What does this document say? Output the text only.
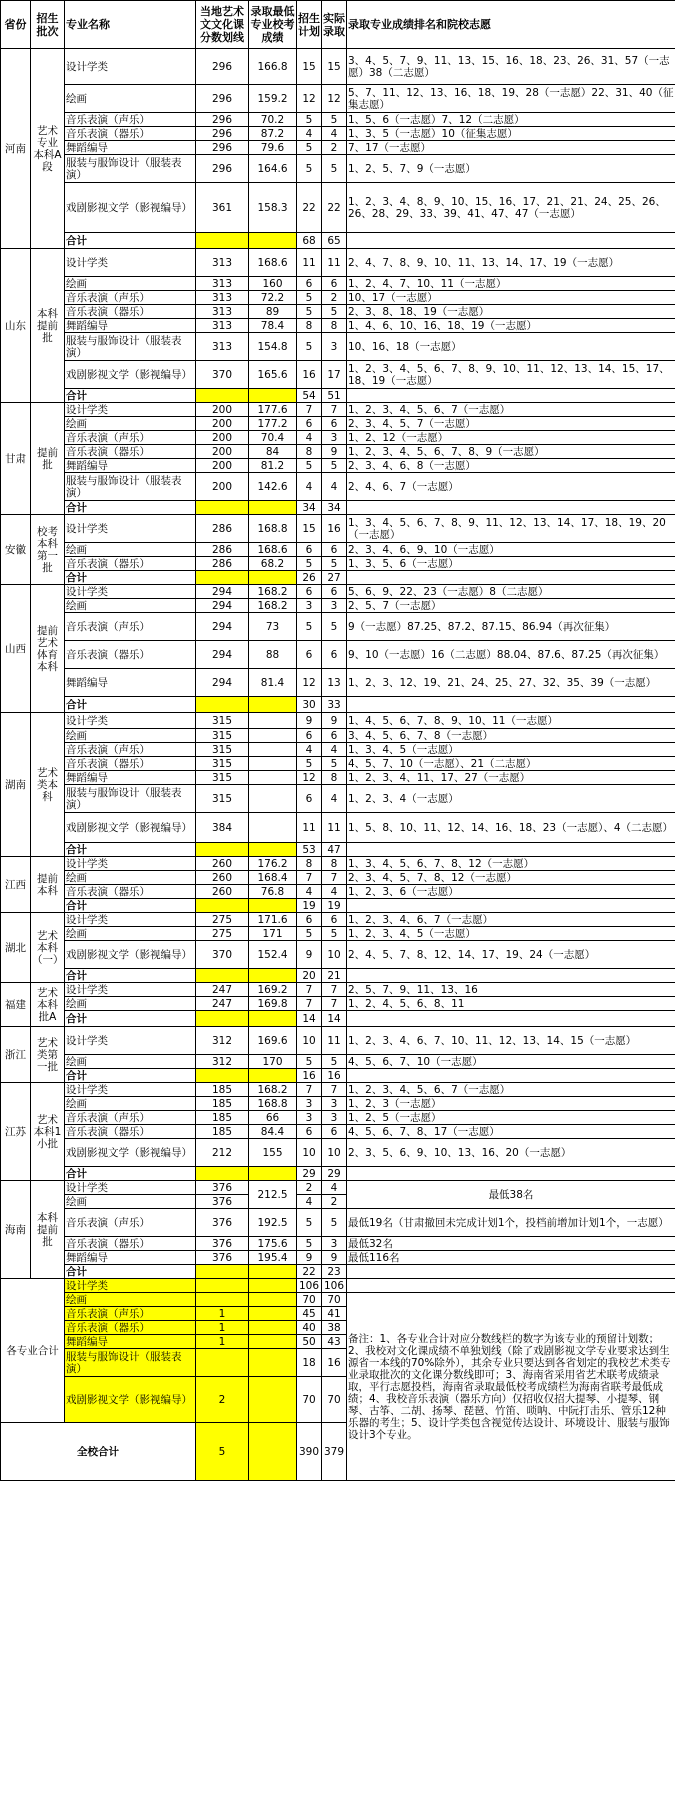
省份	招生批次	专业名称	当地艺术文文化课分数划线	录取最低专业校考成绩	招生计划	实际录取	录取专业成绩排名和院校志愿
河南	艺术专业本科A段	设计学类	296	166.8	15	15	3、4、5、7、9、11、13、15、16、18、23、26、31、57（一志愿）38（二志愿）
		绘画	296	159.2	12	12	5、7、11、12、13、16、18、19、28（一志愿）22、31、40（征集志愿）
		音乐表演（声乐）	296	70.2	5	5	1、5、6（一志愿）7、12（二志愿）
		音乐表演（器乐）	296	87.2	4	4	1、3、5（一志愿）10（征集志愿）
		舞蹈编导	296	79.6	5	2	7、17（一志愿）
		服装与服饰设计（服装表演）	296	164.6	5	5	1、2、5、7、9（一志愿）
		戏剧影视文学（影视编导）	361	158.3	22	22	1、2、3、4、8、9、10、15、16、17、21、21、24、25、26、26、28、29、33、39、41、47、47（一志愿）
		合计			68	65	
山东	本科提前批	设计学类	313	168.6	11	11	2、4、7、8、9、10、11、13、14、17、19（一志愿）
		绘画	313	160	6	6	1、2、4、7、10、11（一志愿）
		音乐表演（声乐）	313	72.2	5	2	10、17（一志愿）
		音乐表演（器乐）	313	89	5	5	2、3、8、18、19（一志愿）
		舞蹈编导	313	78.4	8	8	1、4、6、10、16、18、19（一志愿）
		服装与服饰设计（服装表演）	313	154.8	5	3	10、16、18（一志愿）
		戏剧影视文学（影视编导）	370	165.6	16	17	1、2、3、4、5、6、7、8、9、10、11、12、13、14、15、17、18、19（一志愿）
		合计			54	51	
甘肃	提前批	设计学类	200	177.6	7	7	1、2、3、4、5、6、7（一志愿）
		绘画	200	177.2	6	6	2、3、4、5、7（一志愿）
		音乐表演（声乐）	200	70.4	4	3	1、2、12（一志愿）
		音乐表演（器乐）	200	84	8	9	1、2、3、4、5、6、7、8、9（一志愿）
		舞蹈编导	200	81.2	5	5	2、3、4、6、8（一志愿）
		服装与服饰设计（服装表演）	200	142.6	4	4	2、4、6、7（一志愿）
		合计			34	34	
安徽	校考本科第一批	设计学类	286	168.8	15	16	1、3、4、5、6、7、8、9、11、12、13、14、17、18、19、20（一志愿）
		绘画	286	168.6	6	6	2、3、4、6、9、10（一志愿）
		音乐表演（器乐）	286	68.2	5	5	1、3、5、6（一志愿）
		合计			26	27	
山西	提前艺术体育本科	设计学类	294	168.2	6	6	5、6、9、22、23（一志愿）8（二志愿）
		绘画	294	168.2	3	3	2、5、7（一志愿）
		音乐表演（声乐）	294	73	5	5	9（一志愿）87.25、87.2、87.15、86.94（再次征集）
		音乐表演（器乐）	294	88	6	6	9、10（一志愿）16（二志愿）88.04、87.6、87.25（再次征集）
		舞蹈编导	294	81.4	12	13	1、2、3、12、19、21、24、25、27、32、35、39（一志愿）
		合计			30	33	
湖南	艺术类本科	设计学类	315		9	9	1、4、5、6、7、8、9、10、11（一志愿）
		绘画	315		6	6	3、4、5、6、7、8（一志愿）
		音乐表演（声乐）	315		4	4	1、3、4、5（一志愿）
		音乐表演（器乐）	315		5	5	4、5、7、10（一志愿）、21（二志愿）
		舞蹈编导	315		12	8	1、2、3、4、11、17、27（一志愿）
		服装与服饰设计（服装表演）	315		6	4	1、2、3、4（一志愿）
		戏剧影视文学（影视编导）	384		11	11	1、5、8、10、11、12、14、16、18、23（一志愿）、4（二志愿）
		合计			53	47	
江西	提前本科	设计学类	260	176.2	8	8	1、3、4、5、6、7、8、12（一志愿）
		绘画	260	168.4	7	7	2、3、4、5、7、8、12（一志愿）
		音乐表演（器乐）	260	76.8	4	4	1、2、3、6（一志愿）
		合计			19	19	
湖北	艺术本科（一）	设计学类	275	171.6	6	6	1、2、3、4、6、7（一志愿）
		绘画	275	171	5	5	1、2、3、4、5（一志愿）
		戏剧影视文学（影视编导）	370	152.4	9	10	2、4、5、7、8、12、14、17、19、24（一志愿）
		合计			20	21	
福建	艺术本科批A	设计学类	247	169.2	7	7	2、5、7、9、11、13、16
		绘画	247	169.8	7	7	1、2、4、5、6、8、11
		合计			14	14	
浙江	艺术类第一批	设计学类	312	169.6	10	11	1、2、3、4、6、7、10、11、12、13、14、15（一志愿）
		绘画	312	170	5	5	4、5、6、7、10（一志愿）
		合计			16	16	
江苏	艺术本科1小批	设计学类	185	168.2	7	7	1、2、3、4、5、6、7（一志愿）
		绘画	185	168.8	3	3	1、2、3（一志愿）
		音乐表演（声乐）	185	66	3	3	1、2、5（一志愿）
		音乐表演（器乐）	185	84.4	6	6	4、5、6、7、8、17（一志愿）
		戏剧影视文学（影视编导）	212	155	10	10	2、3、5、6、9、10、13、16、20（一志愿）
		合计			29	29	
海南	本科提前批	设计学类	376	212.5	2	4	最低38名
		绘画	376		4	2	
		音乐表演（声乐）	376	192.5	5	5	最低19名（甘肃撤回未完成计划1个，投档前增加计划1个，一志愿）
		音乐表演（器乐）	376	175.6	5	3	最低32名
		舞蹈编导	376	195.4	9	9	最低116名
		合计			22	23	
各专业合计		设计学类			106	106	
		绘画			70	70	备注：1、各专业合计对应分数线栏的数字为该专业的预留计划数；2、我校对文化课成绩不单独划线（除了戏剧影视文学专业要求达到生源省一本线的70%除外），其余专业只要达到各省划定的我校艺术类专业录取批次的文化课分数线即可；3、海南省采用省艺术联考成绩录取，平行志愿投档，海南省录取最低校考成绩栏为海南省联考最低成绩；4、我校音乐表演（器乐方向）仅招收仅招大提琴、小提琴、钢琴、古筝、二胡、扬琴、琵琶、竹笛、唢呐、中阮打击乐、管乐12种乐器的考生；5、设计学类包含视觉传达设计、环境设计、服装与服饰设计3个专业。
		音乐表演（声乐）	1		45	41	
		音乐表演（器乐）	1		40	38	
		舞蹈编导	1		50	43	
		服装与服饰设计（服装表演）			18	16	
		戏剧影视文学（影视编导）	2		70	70	
全校合计			5		390	379	
